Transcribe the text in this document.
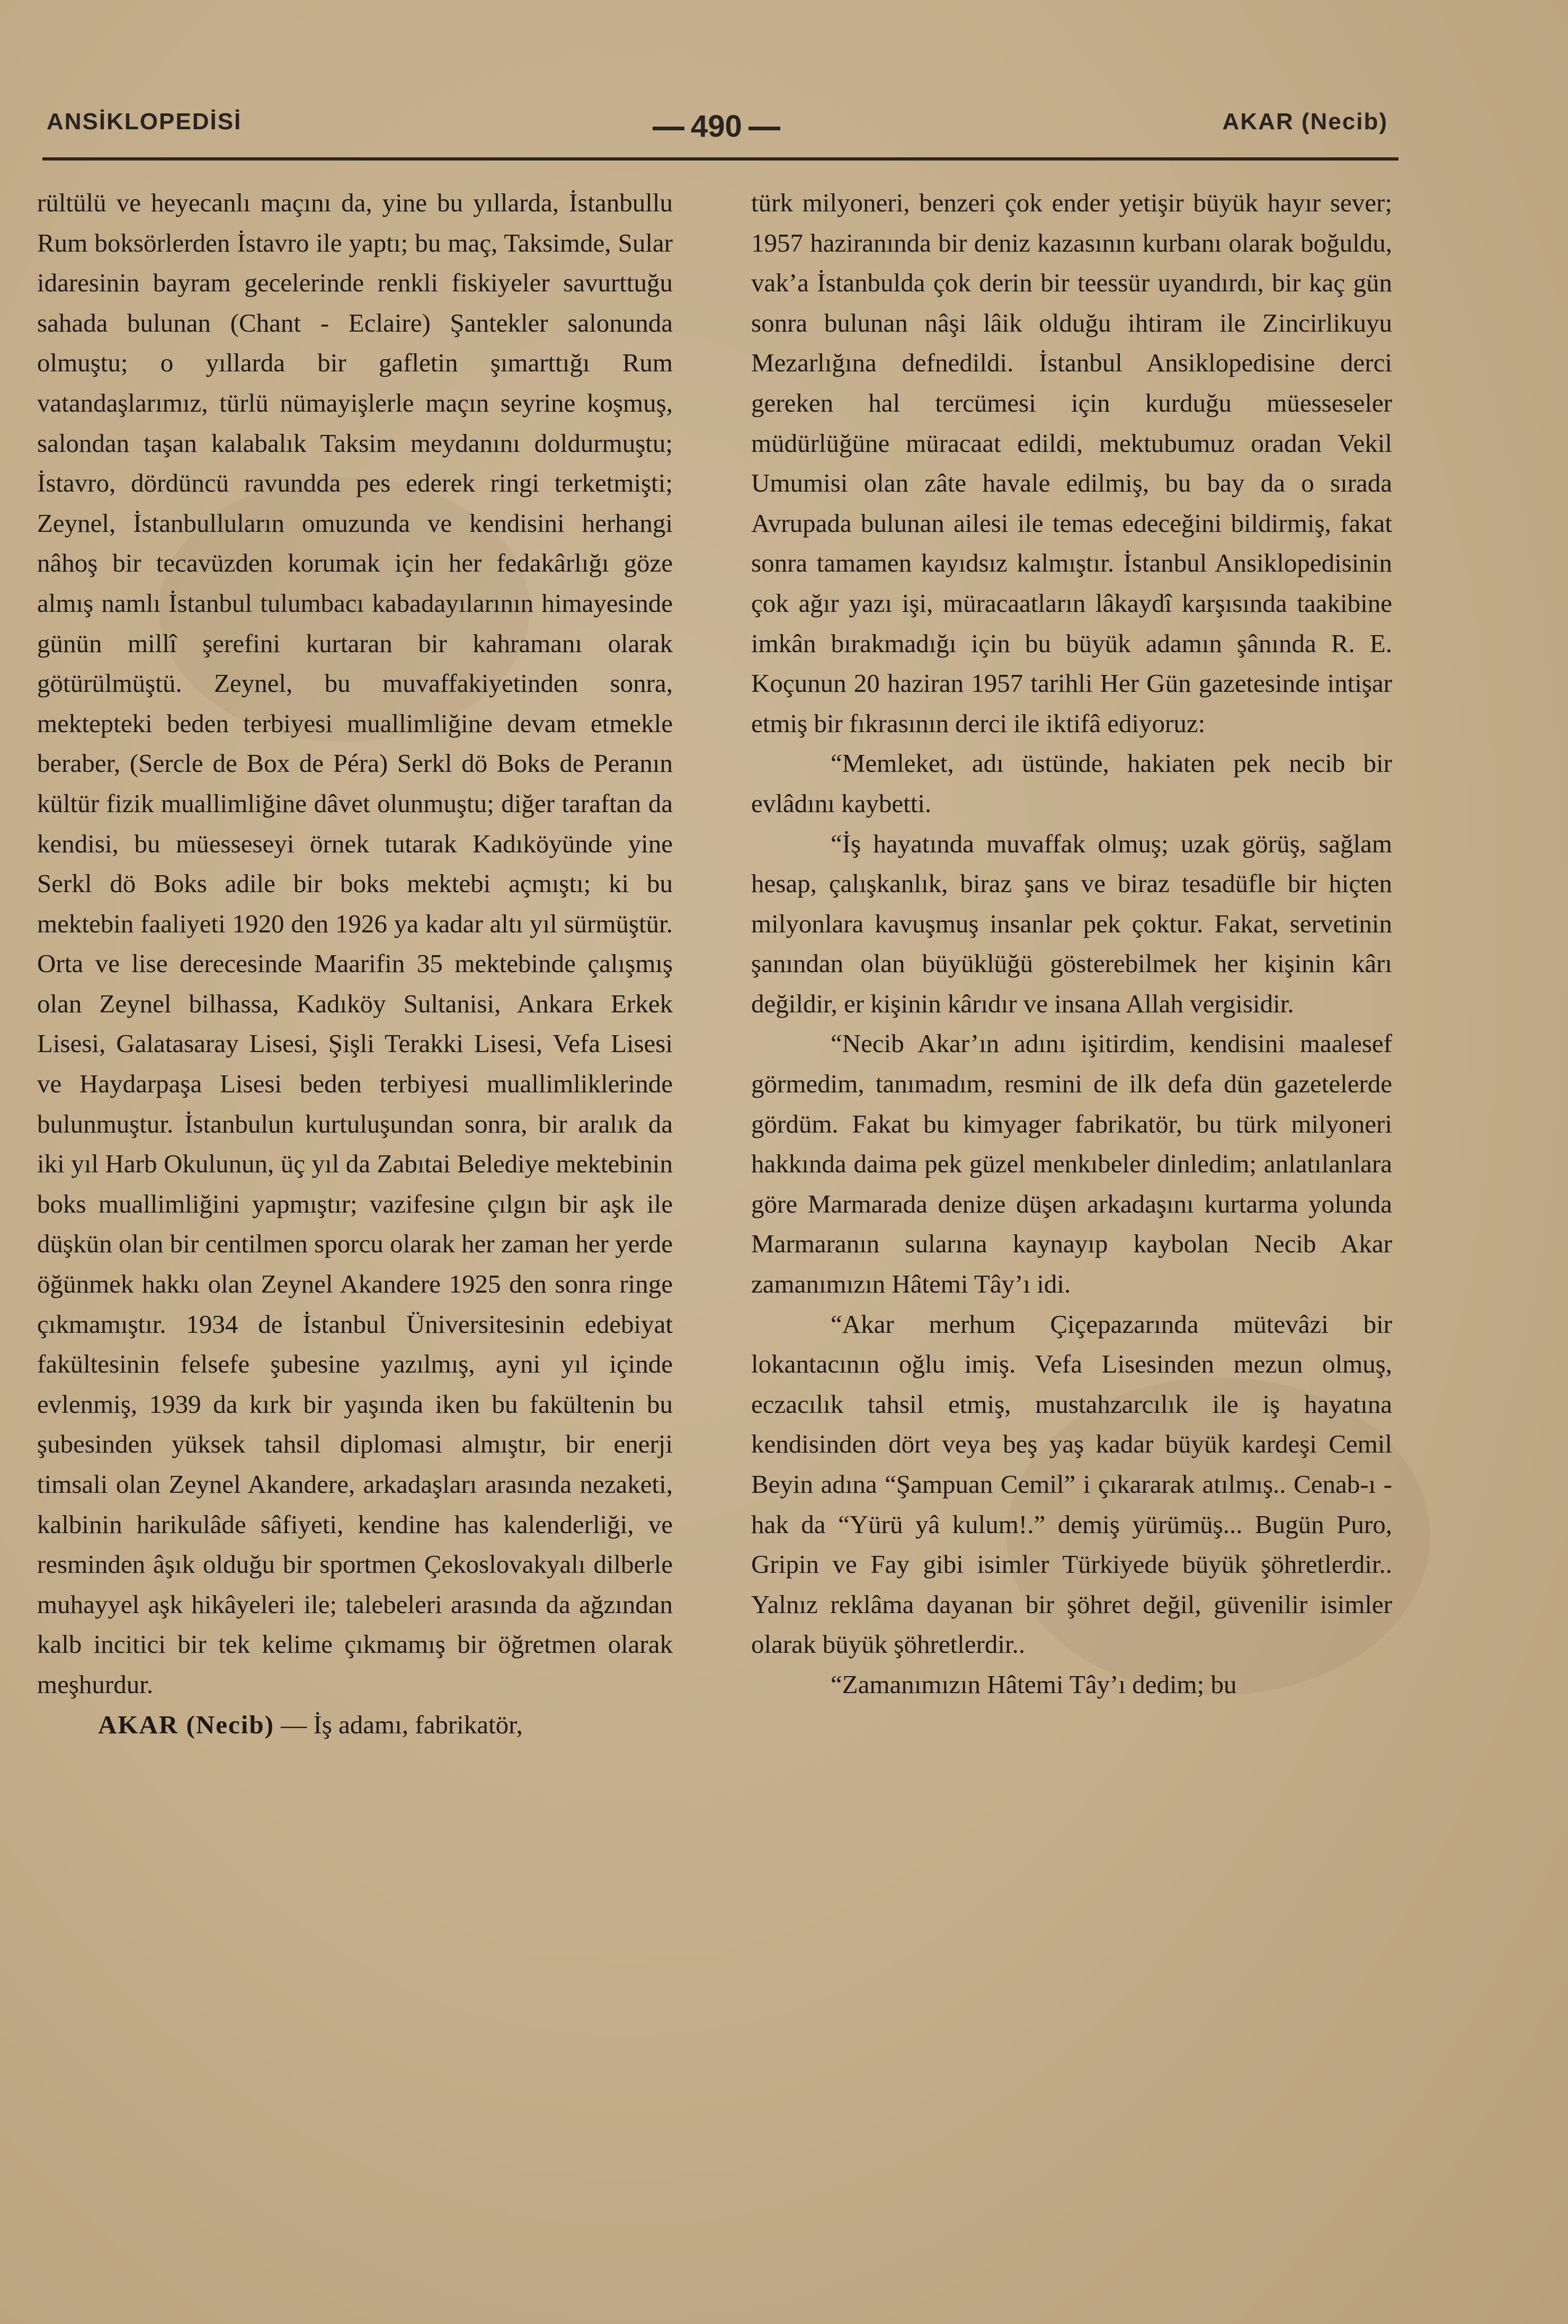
ANSİKLOPEDİSİ	490	AKAR (Necib)

rültülü ve heyecanlı maçını da, yine bu yıllarda, İstanbullu Rum boksörlerden İstavro ile yaptı; bu maç, Taksimde, Sular idaresinin bayram gecelerinde renkli fiskiyeler savurttuğu sahada bulunan (Chant - Eclaire) Şantekler salonunda olmuştu; o yıllarda bir gafletin şımarttığı Rum vatandaşlarımız, türlü nümayişlerle maçın seyrine koşmuş, salondan taşan kalabalık Taksim meydanını doldurmuştu; İstavro, dördüncü ravundda pes ederek ringi terketmişti; Zeynel, İstanbulluların omuzunda ve kendisini herhangi nâhoş bir tecavüzden korumak için her fedakârlığı göze almış namlı İstanbul tulumbacı kabadayılarının himayesinde günün millî şerefini kurtaran bir kahramanı olarak götürülmüştü. Zeynel, bu muvaffakiyetinden sonra, mektepteki beden terbiyesi muallimliğine devam etmekle beraber, (Sercle de Box de Péra) Serkl dö Boks de Peranın kültür fizik muallimliğine dâvet olunmuştu; diğer taraftan da kendisi, bu müesseseyi örnek tutarak Kadıköyünde yine Serkl dö Boks adile bir boks mektebi açmıştı; ki bu mektebin faaliyeti 1920 den 1926 ya kadar altı yıl sürmüştür. Orta ve lise derecesinde Maarifin 35 mektebinde çalışmış olan Zeynel bilhassa, Kadıköy Sultanisi, Ankara Erkek Lisesi, Galatasaray Lisesi, Şişli Terakki Lisesi, Vefa Lisesi ve Haydarpaşa Lisesi beden terbiyesi muallimliklerinde bulunmuştur. İstanbulun kurtuluşundan sonra, bir aralık da iki yıl Harb Okulunun, üç yıl da Zabıtai Belediye mektebinin boks muallimliğini yapmıştır; vazifesine çılgın bir aşk ile düşkün olan bir centilmen sporcu olarak her zaman her yerde öğünmek hakkı olan Zeynel Akandere 1925 den sonra ringe çıkmamıştır. 1934 de İstanbul Üniversitesinin edebiyat fakültesinin felsefe şubesine yazılmış, ayni yıl içinde evlenmiş, 1939 da kırk bir yaşında iken bu fakültenin bu şubesinden yüksek tahsil diplomasi almıştır, bir enerji timsali olan Zeynel Akandere, arkadaşları arasında nezaketi, kalbinin harikulâde sâfiyeti, kendine has kalenderliği, ve resminden âşık olduğu bir sportmen Çekoslovakyalı dilberle muhayyel aşk hikâyeleri ile; talebeleri arasında da ağzından kalb incitici bir tek kelime çıkmamış bir öğretmen olarak meşhurdur.

AKAR (Necib) — İş adamı, fabrikatör,

türk milyoneri, benzeri çok ender yetişir büyük hayır sever; 1957 haziranında bir deniz kazasının kurbanı olarak boğuldu, vak’a İstanbulda çok derin bir teessür uyandırdı, bir kaç gün sonra bulunan nâşi lâik olduğu ihtiram ile Zincirlikuyu Mezarlığına defnedildi. İstanbul Ansiklopedisine derci gereken hal tercümesi için kurduğu müesseseler müdürlüğüne müracaat edildi, mektubumuz oradan Vekil Umumisi olan zâte havale edilmiş, bu bay da o sırada Avrupada bulunan ailesi ile temas edeceğini bildirmiş, fakat sonra tamamen kayıdsız kalmıştır. İstanbul Ansiklopedisinin çok ağır yazı işi, müracaatların lâkaydî karşısında taakibine imkân bırakmadığı için bu büyük adamın şânında R. E. Koçunun 20 haziran 1957 tarihli Her Gün gazetesinde intişar etmiş bir fıkrasının derci ile iktifâ ediyoruz:

“Memleket, adı üstünde, hakiaten pek necib bir evlâdını kaybetti.

“İş hayatında muvaffak olmuş; uzak görüş, sağlam hesap, çalışkanlık, biraz şans ve biraz tesadüfle bir hiçten milyonlara kavuşmuş insanlar pek çoktur. Fakat, servetinin şanından olan büyüklüğü gösterebilmek her kişinin kârı değildir, er kişinin kârıdır ve insana Allah vergisidir.

“Necib Akar’ın adını işitirdim, kendisini maalesef görmedim, tanımadım, resmini de ilk defa dün gazetelerde gördüm. Fakat bu kimyager fabrikatör, bu türk milyoneri hakkında daima pek güzel menkıbeler dinledim; anlatılanlara göre Marmarada denize düşen arkadaşını kurtarma yolunda Marmaranın sularına kaynayıp kaybolan Necib Akar zamanımızın Hâtemi Tây’ı idi.

“Akar merhum Çiçepazarında mütevâzi bir lokantacının oğlu imiş. Vefa Lisesinden mezun olmuş, eczacılık tahsil etmiş, mustahzarcılık ile iş hayatına kendisinden dört veya beş yaş kadar büyük kardeşi Cemil Beyin adına “Şampuan Cemil” i çıkararak atılmış.. Cenab-ı -hak da “Yürü yâ kulum!.” demiş yürümüş... Bugün Puro, Gripin ve Fay gibi isimler Türkiyede büyük şöhretlerdir.. Yalnız reklâma dayanan bir şöhret değil, güvenilir isimler olarak büyük şöhretlerdir..

“Zamanımızın Hâtemi Tây’ı dedim; bu
